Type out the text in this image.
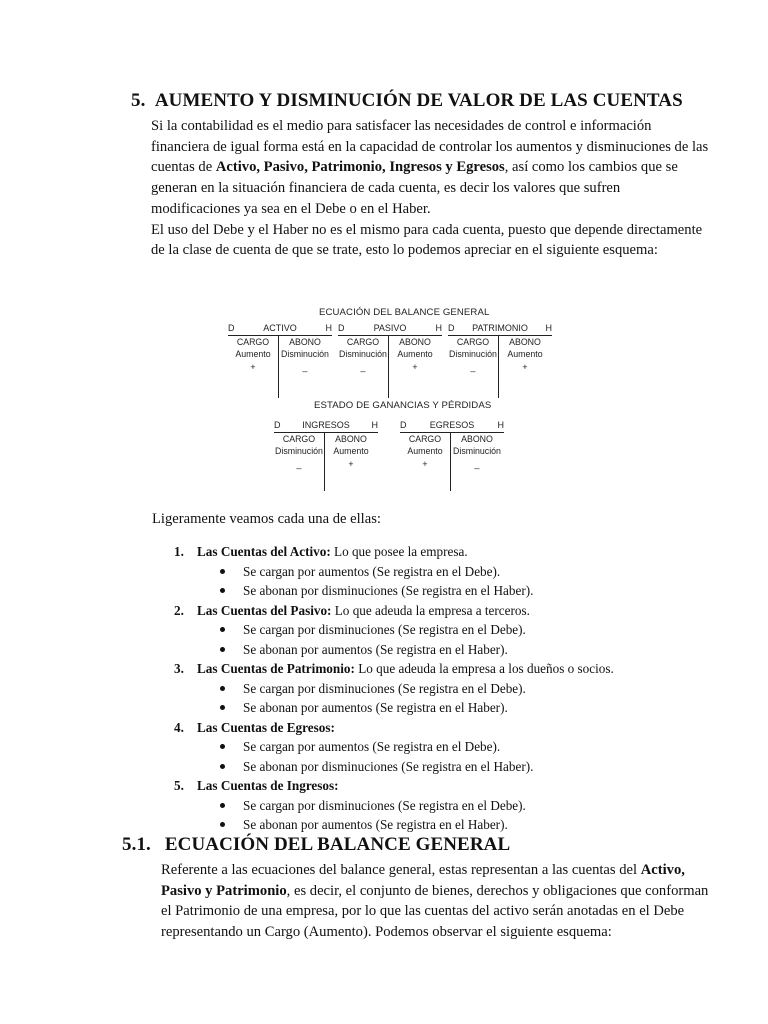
5. AUMENTO Y DISMINUCIÓN DE VALOR DE LAS CUENTAS

Si la contabilidad es el medio para satisfacer las necesidades de control e información financiera de igual forma está en la capacidad de controlar los aumentos y disminuciones de las cuentas de Activo, Pasivo, Patrimonio, Ingresos y Egresos, así como los cambios que se generan en la situación financiera de cada cuenta, es decir los valores que sufren modificaciones ya sea en el Debe o en el Haber.

El uso del Debe y el Haber no es el mismo para cada cuenta, puesto que depende directamente de la clase de cuenta de que se trate, esto lo podemos apreciar en el siguiente esquema:

ECUACIÓN DEL BALANCE GENERAL
D	ACTIVO	H
CARGO	ABONO
Aumento	Disminución
+	_
D	PASIVO	H
CARGO	ABONO
Disminución	Aumento
_	+
D	PATRIMONIO	H
CARGO	ABONO
Disminución	Aumento
_	+
ESTADO DE GANANCIAS Y PÉRDIDAS
D	INGRESOS	H
CARGO	ABONO
Disminución	Aumento
_	+
D	EGRESOS	H
CARGO	ABONO
Aumento	Disminución
+	_

Ligeramente veamos cada una de ellas:

1. Las Cuentas del Activo: Lo que posee la empresa.
Se cargan por aumentos (Se registra en el Debe).
Se abonan por disminuciones (Se registra en el Haber).
2. Las Cuentas del Pasivo: Lo que adeuda la empresa a terceros.
Se cargan por disminuciones (Se registra en el Debe).
Se abonan por aumentos (Se registra en el Haber).
3. Las Cuentas de Patrimonio: Lo que adeuda la empresa a los dueños o socios.
Se cargan por disminuciones (Se registra en el Debe).
Se abonan por aumentos (Se registra en el Haber).
4. Las Cuentas de Egresos:
Se cargan por aumentos (Se registra en el Debe).
Se abonan por disminuciones (Se registra en el Haber).
5. Las Cuentas de Ingresos:
Se cargan por disminuciones (Se registra en el Debe).
Se abonan por aumentos (Se registra en el Haber).
5.1. ECUACIÓN DEL BALANCE GENERAL

Referente a las ecuaciones del balance general, estas representan a las cuentas del Activo, Pasivo y Patrimonio, es decir, el conjunto de bienes, derechos y obligaciones que conforman el Patrimonio de una empresa, por lo que las cuentas del activo serán anotadas en el Debe representando un Cargo (Aumento). Podemos observar el siguiente esquema:
